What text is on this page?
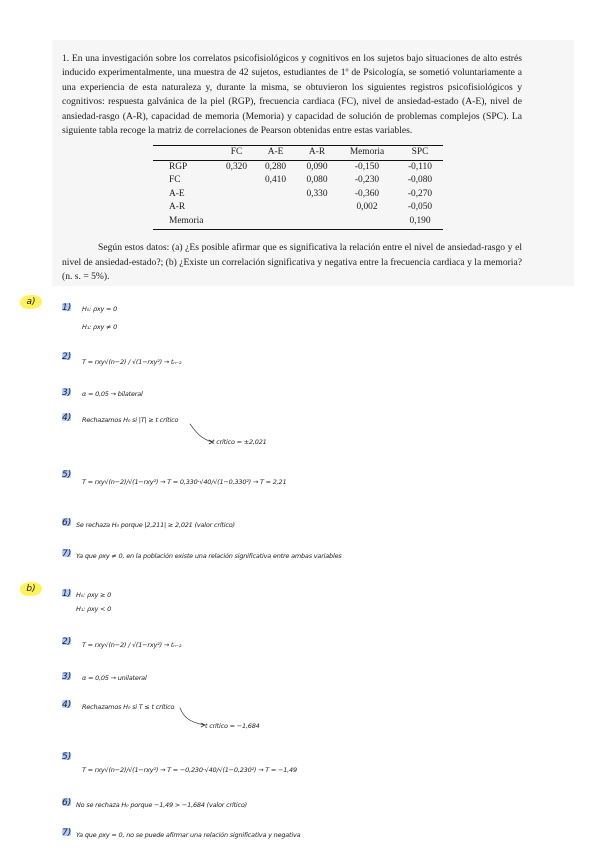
1. En una investigación sobre los correlatos psicofisiológicos y cognitivos en los sujetos bajo situaciones de alto estrés inducido experimentalmente, una muestra de 42 sujetos, estudiantes de 1º de Psicología, se sometió voluntariamente a una experiencia de esta naturaleza y, durante la misma, se obtuvieron los siguientes registros psicofisiológicos y cognitivos: respuesta galvánica de la piel (RGP), frecuencia cardiaca (FC), nivel de ansiedad-estado (A-E), nivel de ansiedad-rasgo (A-R), capacidad de memoria (Memoria) y capacidad de solución de problemas complejos (SPC). La siguiente tabla recoge la matriz de correlaciones de Pearson obtenidas entre estas variables.

	FC	A-E	A-R	Memoria	SPC
RGP	0,320	0,280	0,090	-0,150	-0,110
FC		0,410	0,080	-0,230	-0,080
A-E			0,330	-0,360	-0,270
A-R				0,002	-0,050
Memoria					0,190

Según estos datos: (a) ¿Es posible afirmar que es significativa la relación entre el nivel de ansiedad-rasgo y el nivel de ansiedad-estado?; (b) ¿Existe un correlación significativa y negativa entre la frecuencia cardiaca y la memoria? (n. s. = 5%).

a)
1) H₀: ρxy = 0
H₁: ρxy ≠ 0
2) T = rxy√(n−2) / √(1−rxy²) → tₙ₋₂
3) α = 0,05 → bilateral
4) Rechazamos H₀ si |T| ≥ t crítico
t crítico = ±2,021
5)
T = rxy√(n−2)/√(1−rxy²) → T = 0,330·√40/√(1−0,330²) → T = 2,21
6) Se rechaza H₀ porque |2,211| ≥ 2,021 (valor crítico)
7) Ya que ρxy ≠ 0, en la población existe una relación significativa entre ambas variables
b)	1) H₀: ρxy ≥ 0
H₁: ρxy < 0
2) T = rxy√(n−2) / √(1−rxy²) → tₙ₋₂
3) α = 0,05 → unilateral
4) Rechazamos H₀ si T ≤ t crítico
t crítico = −1,684
5)
T = rxy√(n−2)/√(1−rxy²) → T = −0,230·√40/√(1−0,230²) → T = −1,49
6) No se rechaza H₀ porque −1,49 > −1,684 (valor crítico)
7) Ya que ρxy = 0, no se puede afirmar una relación significativa y negativa
